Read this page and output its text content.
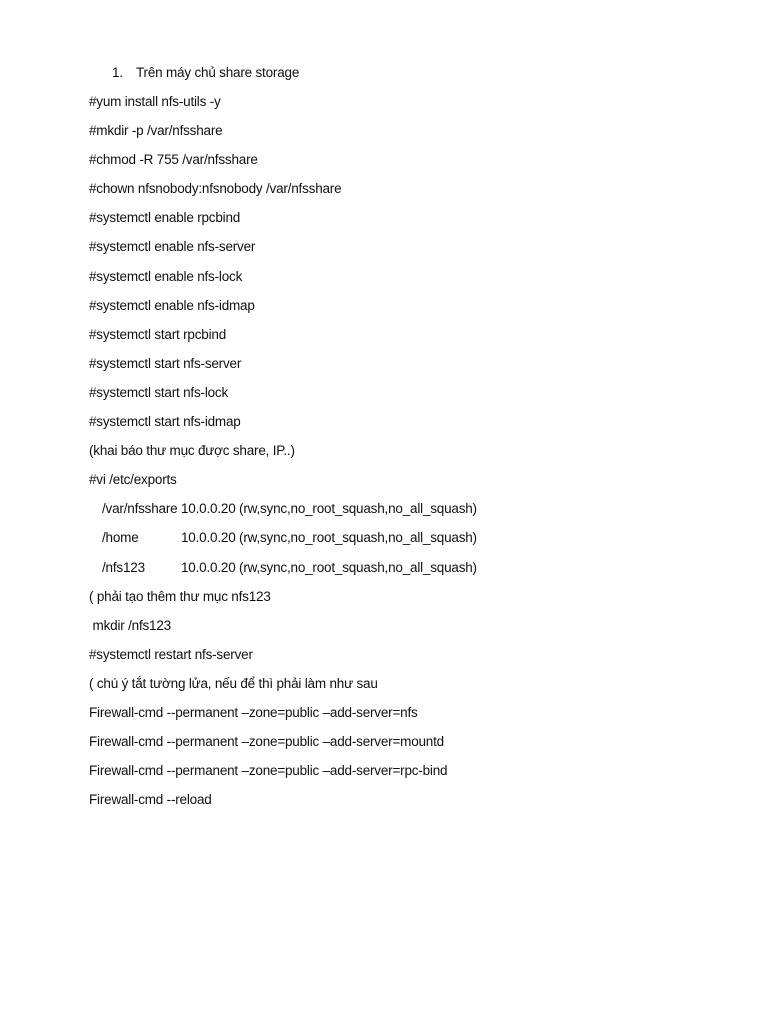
1. Trên máy chủ share storage
#yum install nfs-utils -y
#mkdir -p /var/nfsshare
#chmod -R 755 /var/nfsshare
#chown nfsnobody:nfsnobody /var/nfsshare
#systemctl enable rpcbind
#systemctl enable nfs-server
#systemctl enable nfs-lock
#systemctl enable nfs-idmap
#systemctl start rpcbind
#systemctl start nfs-server
#systemctl start nfs-lock
#systemctl start nfs-idmap
(khai báo thư mục được share, IP..)
#vi /etc/exports
/var/nfsshare 10.0.0.20 (rw,sync,no_root_squash,no_all_squash)
/home	10.0.0.20 (rw,sync,no_root_squash,no_all_squash)
/nfs123	10.0.0.20 (rw,sync,no_root_squash,no_all_squash)
( phải tạo thêm thư mục nfs123
mkdir /nfs123
#systemctl restart nfs-server
( chú ý tắt tường lửa, nếu để thì phải làm như sau
Firewall-cmd --permanent –zone=public –add-server=nfs
Firewall-cmd --permanent –zone=public –add-server=mountd
Firewall-cmd --permanent –zone=public –add-server=rpc-bind
Firewall-cmd --reload
